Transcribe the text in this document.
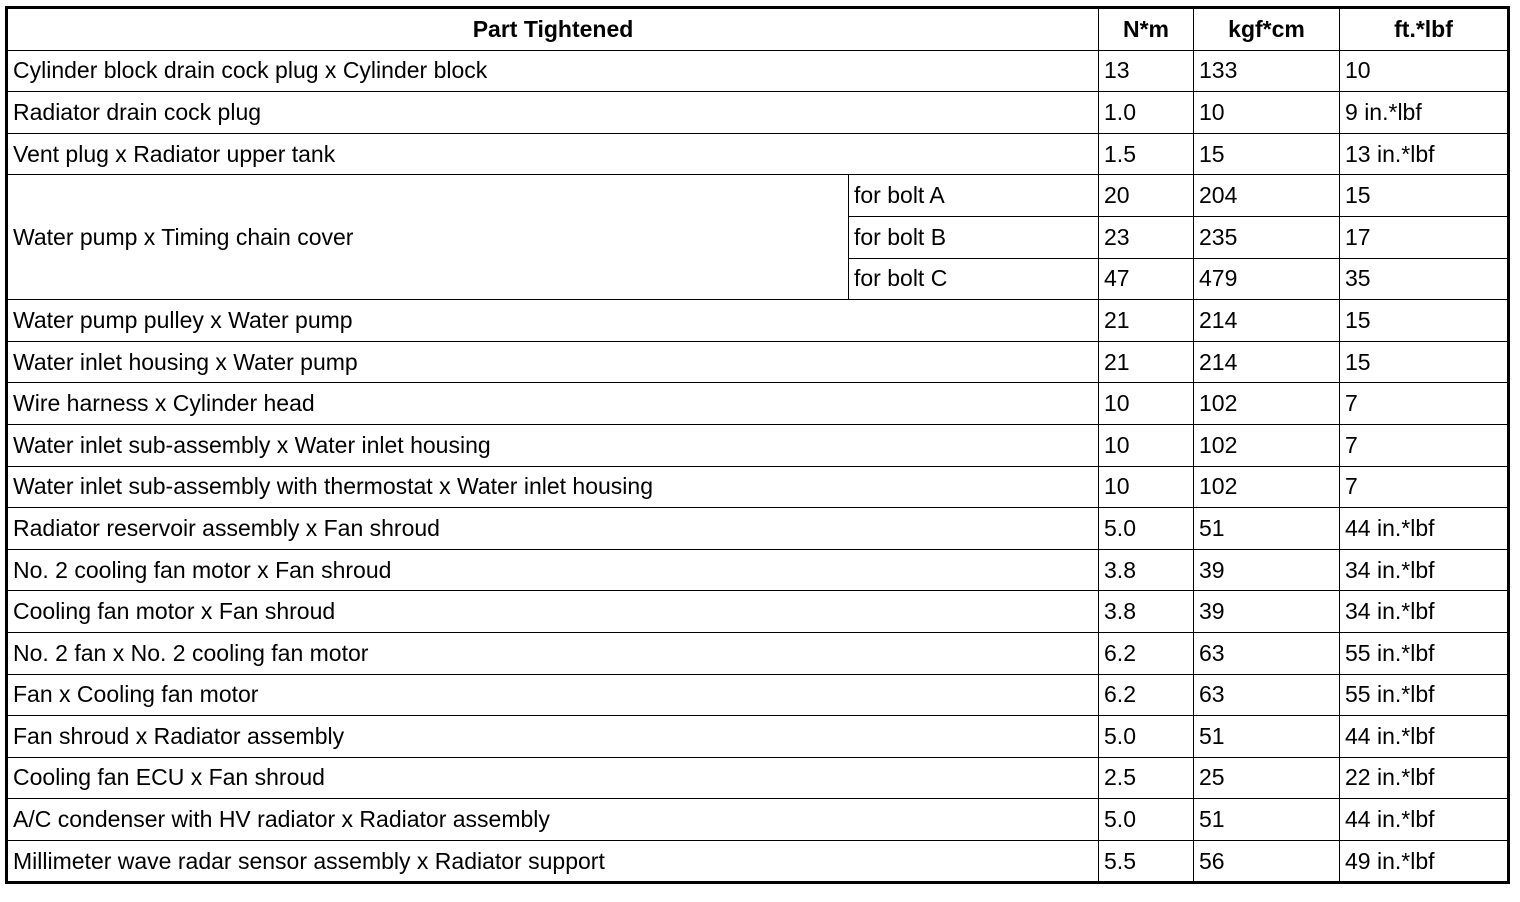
Part Tightened		N*m	kgf*cm	ft.*lbf
Cylinder block drain cock plug x Cylinder block		13	133	10
Radiator drain cock plug		1.0	10	9 in.*lbf
Vent plug x Radiator upper tank		1.5	15	13 in.*lbf
Water pump x Timing chain cover	for bolt A	20	204	15
	for bolt B	23	235	17
	for bolt C	47	479	35
Water pump pulley x Water pump		21	214	15
Water inlet housing x Water pump		21	214	15
Wire harness x Cylinder head		10	102	7
Water inlet sub-assembly x Water inlet housing		10	102	7
Water inlet sub-assembly with thermostat x Water inlet housing		10	102	7
Radiator reservoir assembly x Fan shroud		5.0	51	44 in.*lbf
No. 2 cooling fan motor x Fan shroud		3.8	39	34 in.*lbf
Cooling fan motor x Fan shroud		3.8	39	34 in.*lbf
No. 2 fan x No. 2 cooling fan motor		6.2	63	55 in.*lbf
Fan x Cooling fan motor		6.2	63	55 in.*lbf
Fan shroud x Radiator assembly		5.0	51	44 in.*lbf
Cooling fan ECU x Fan shroud		2.5	25	22 in.*lbf
A/C condenser with HV radiator x Radiator assembly		5.0	51	44 in.*lbf
Millimeter wave radar sensor assembly x Radiator support		5.5	56	49 in.*lbf
